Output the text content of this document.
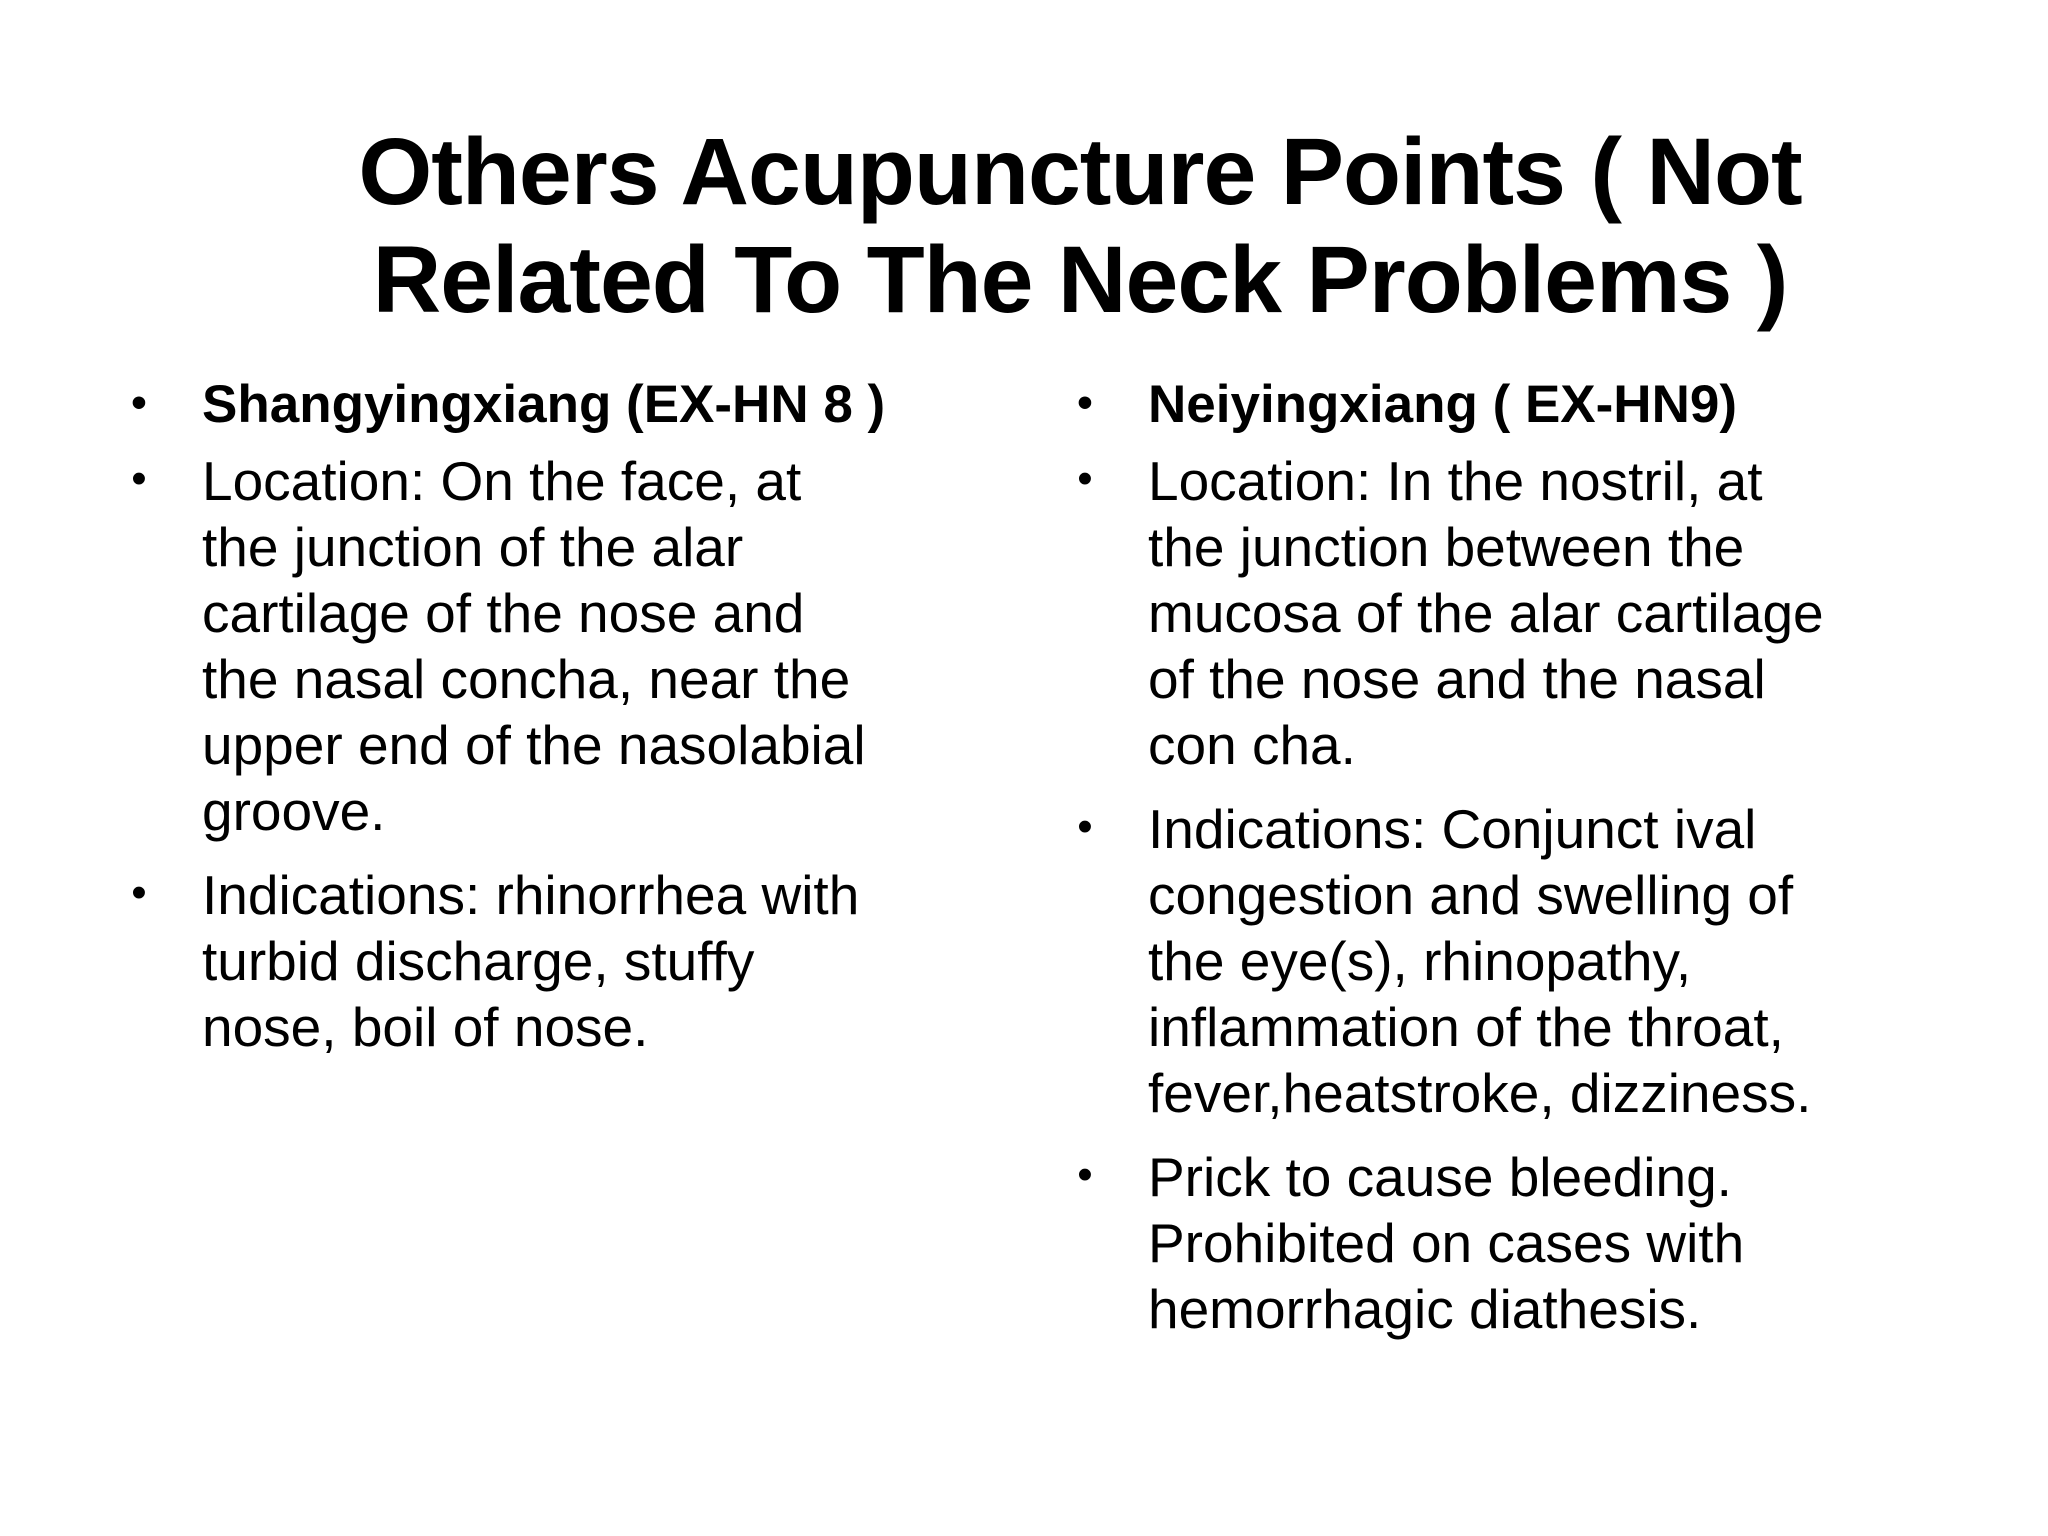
Others Acupuncture Points ( Not
Related To The Neck Problems )
• Shangyingxiang (EX-HN 8 )
• Location: On the face, at
the junction of the alar
cartilage of the nose and
the nasal concha, near the
upper end of the nasolabial
groove.
• Indications: rhinorrhea with
turbid discharge, stuffy
nose, boil of nose.
• Neiyingxiang ( EX-HN9)
• Location: In the nostril, at
the junction between the
mucosa of the alar cartilage
of the nose and the nasal
con cha.
• Indications: Conjunct ival
congestion and swelling of
the eye(s), rhinopathy,
inflammation of the throat,
fever,heatstroke, dizziness.
• Prick to cause bleeding.
Prohibited on cases with
hemorrhagic diathesis.
